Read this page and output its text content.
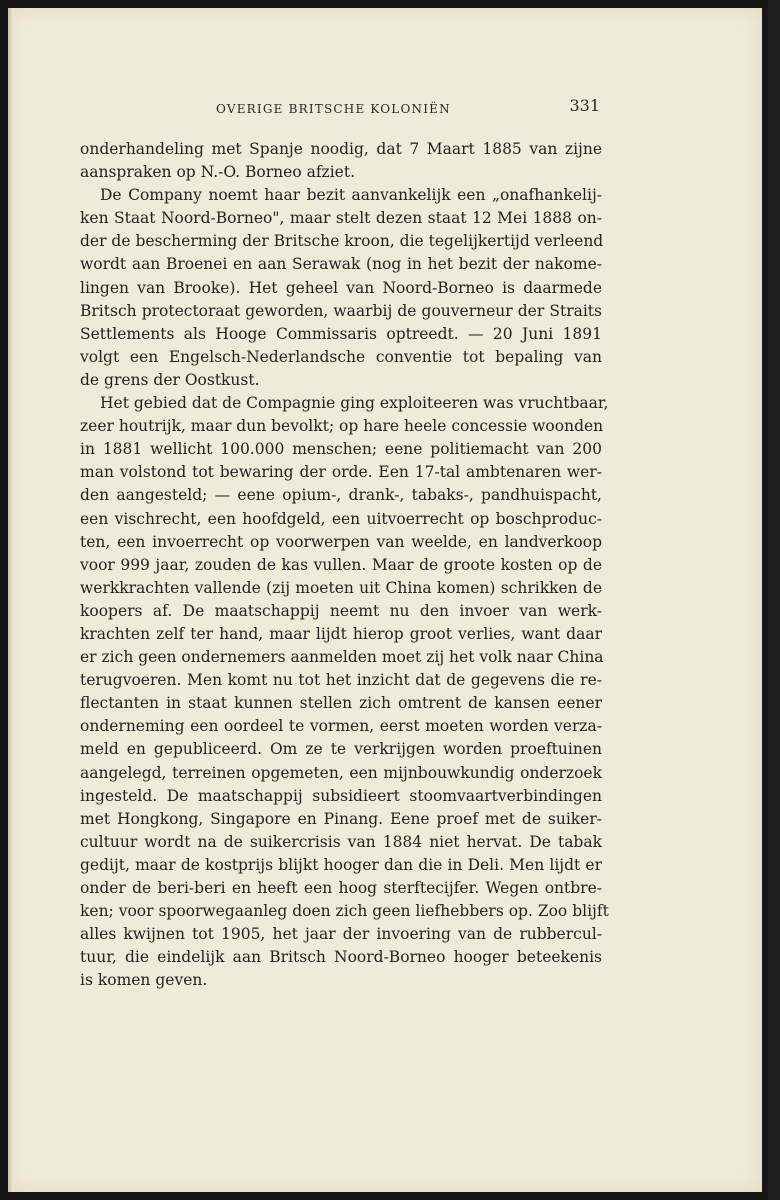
OVERIGE BRITSCHE KOLONIËN	331
onderhandeling met Spanje noodig, dat 7 Maart 1885 van zijne
aanspraken op N.-O. Borneo afziet.
De Company noemt haar bezit aanvankelijk een „onafhankelij-
ken Staat Noord-Borneo", maar stelt dezen staat 12 Mei 1888 on-
der de bescherming der Britsche kroon, die tegelijkertijd verleend
wordt aan Broenei en aan Serawak (nog in het bezit der nakome-
lingen van Brooke). Het geheel van Noord-Borneo is daarmede
Britsch protectoraat geworden, waarbij de gouverneur der Straits
Settlements als Hooge Commissaris optreedt. — 20 Juni 1891
volgt een Engelsch-Nederlandsche conventie tot bepaling van
de grens der Oostkust.
Het gebied dat de Compagnie ging exploiteeren was vruchtbaar,
zeer houtrijk, maar dun bevolkt; op hare heele concessie woonden
in 1881 wellicht 100.000 menschen; eene politiemacht van 200
man volstond tot bewaring der orde. Een 17-tal ambtenaren wer-
den aangesteld; — eene opium-, drank-, tabaks-, pandhuispacht,
een vischrecht, een hoofdgeld, een uitvoerrecht op boschproduc-
ten, een invoerrecht op voorwerpen van weelde, en landverkoop
voor 999 jaar, zouden de kas vullen. Maar de groote kosten op de
werkkrachten vallende (zij moeten uit China komen) schrikken de
koopers af. De maatschappij neemt nu den invoer van werk-
krachten zelf ter hand, maar lijdt hierop groot verlies, want daar
er zich geen ondernemers aanmelden moet zij het volk naar China
terugvoeren. Men komt nu tot het inzicht dat de gegevens die re-
flectanten in staat kunnen stellen zich omtrent de kansen eener
onderneming een oordeel te vormen, eerst moeten worden verza-
meld en gepubliceerd. Om ze te verkrijgen worden proeftuinen
aangelegd, terreinen opgemeten, een mijnbouwkundig onderzoek
ingesteld. De maatschappij subsidieert stoomvaartverbindingen
met Hongkong, Singapore en Pinang. Eene proef met de suiker-
cultuur wordt na de suikercrisis van 1884 niet hervat. De tabak
gedijt, maar de kostprijs blijkt hooger dan die in Deli. Men lijdt er
onder de beri-beri en heeft een hoog sterftecijfer. Wegen ontbre-
ken; voor spoorwegaanleg doen zich geen liefhebbers op. Zoo blijft
alles kwijnen tot 1905, het jaar der invoering van de rubbercul-
tuur, die eindelijk aan Britsch Noord-Borneo hooger beteekenis
is komen geven.
